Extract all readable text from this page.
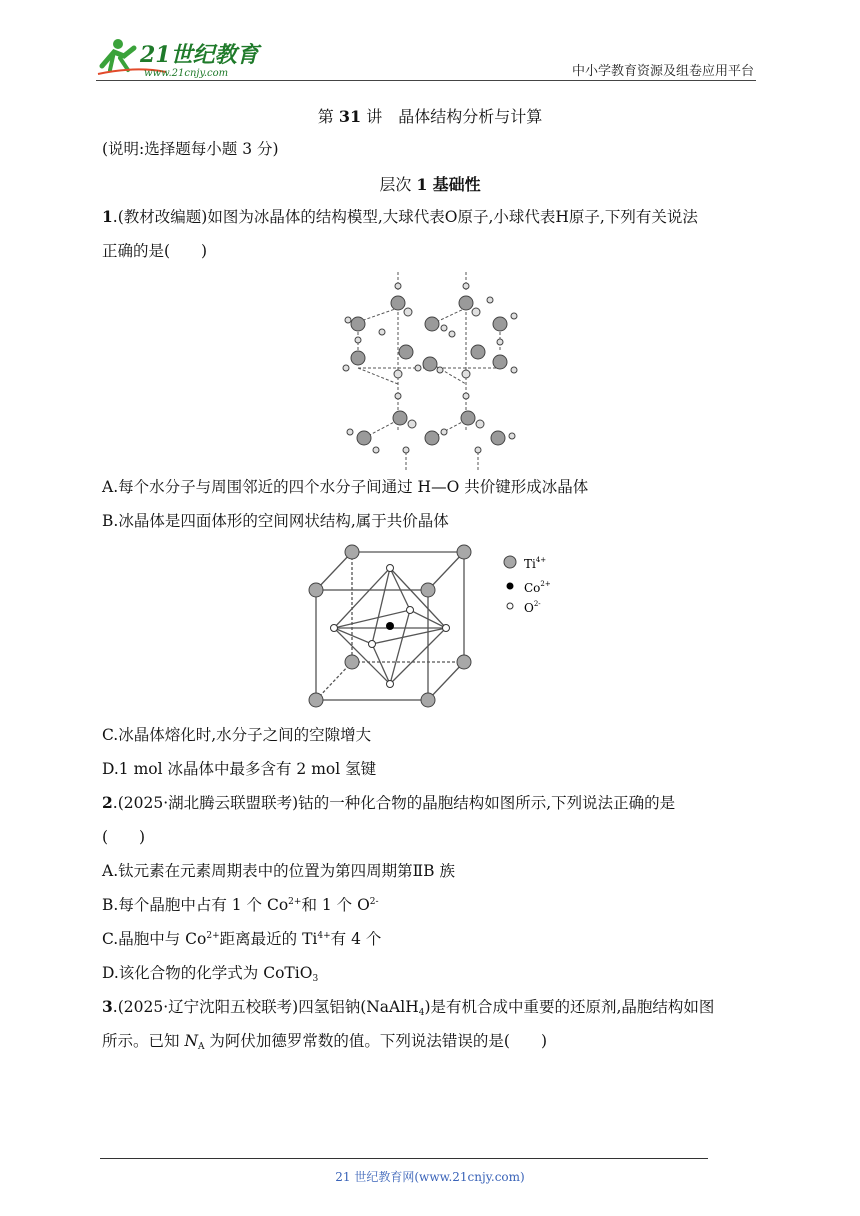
21世纪教育
www.21cnjy.com	中小学教育资源及组卷应用平台
第 31 讲　晶体结构分析与计算
(说明:选择题每小题 3 分)
层次 1 基础性
1.(教材改编题)如图为冰晶体的结构模型,大球代表O原子,小球代表H原子,下列有关说法
正确的是(　　)
A.每个水分子与周围邻近的四个水分子间通过 H—O 共价键形成冰晶体
B.冰晶体是四面体形的空间网状结构,属于共价晶体
$Ti^{4+}$
$Co^{2+}$
$O^{2-}$
C.冰晶体熔化时,水分子之间的空隙增大
D.1 mol 冰晶体中最多含有 2 mol 氢键
2.(2025·湖北腾云联盟联考)钴的一种化合物的晶胞结构如图所示,下列说法正确的是
(　　)
A.钛元素在元素周期表中的位置为第四周期第ⅡB 族
B.每个晶胞中占有 1 个 $Co^{2+}$和 1 个 $O^{2-}$
C.晶胞中与 $Co^{2+}$距离最近的 $Ti^{4+}$有 4 个
D.该化合物的化学式为 CoTiO$_3$
3.(2025·辽宁沈阳五校联考)四氢铝钠(NaAlH$_4$)是有机合成中重要的还原剂,晶胞结构如图
所示。已知 $N_A$ 为阿伏加德罗常数的值。下列说法错误的是(　　)
21 世纪教育网(www.21cnjy.com)
